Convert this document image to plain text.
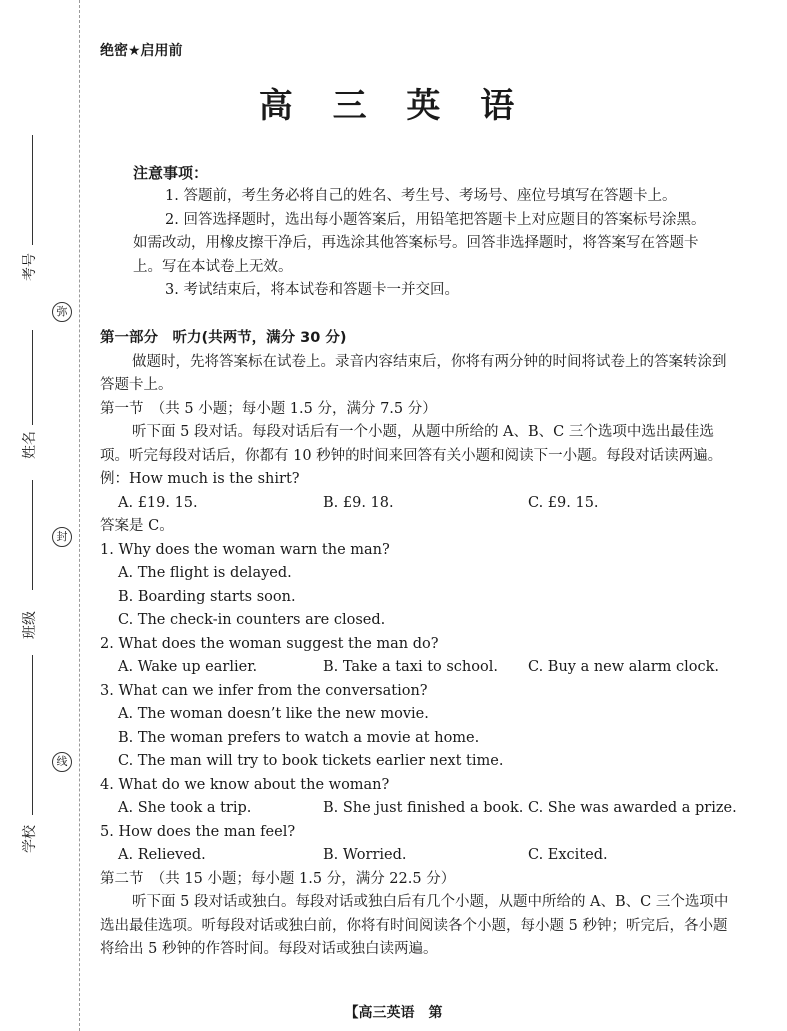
考号
弥
姓名
封
班级
线
学校
绝密★启用前
高 三 英 语
注意事项：

1. 答题前，考生务必将自己的姓名、考生号、考场号、座位号填写在答题卡上。

2. 回答选择题时，选出每小题答案后，用铅笔把答题卡上对应题目的答案标号涂黑。如需改动，用橡皮擦干净后，再选涂其他答案标号。回答非选择题时，将答案写在答题卡上。写在本试卷上无效。

3. 考试结束后，将本试卷和答题卡一并交回。

第一部分　听力(共两节，满分 30 分)

做题时，先将答案标在试卷上。录音内容结束后，你将有两分钟的时间将试卷上的答案转涂到答题卡上。

第一节　（共 5 小题；每小题 1.5 分，满分 7.5 分）

听下面 5 段对话。每段对话后有一个小题，从题中所给的 A、B、C 三个选项中选出最佳选项。听完每段对话后，你都有 10 秒钟的时间来回答有关小题和阅读下一小题。每段对话读两遍。

例：How much is the shirt?

A. £19. 15.	B. £9. 18.	C. £9. 15.

答案是 C。

1. Why does the woman warn the man?

A. The flight is delayed.

B. Boarding starts soon.

C. The check-in counters are closed.

2. What does the woman suggest the man do?

A. Wake up earlier.	B. Take a taxi to school.	C. Buy a new alarm clock.

3. What can we infer from the conversation?

A. The woman doesn’t like the new movie.

B. The woman prefers to watch a movie at home.

C. The man will try to book tickets earlier next time.

4. What do we know about the woman?

A. She took a trip.	B. She just finished a book. C. She was awarded a prize.

5. How does the man feel?

A. Relieved.	B. Worried.	C. Excited.

第二节　（共 15 小题；每小题 1.5 分，满分 22.5 分）

听下面 5 段对话或独白。每段对话或独白后有几个小题，从题中所给的 A、B、C 三个选项中选出最佳选项。听每段对话或独白前，你将有时间阅读各个小题，每小题 5 秒钟；听完后，各小题将给出 5 秒钟的作答时间。每段对话或独白读两遍。

【高三英语　第
